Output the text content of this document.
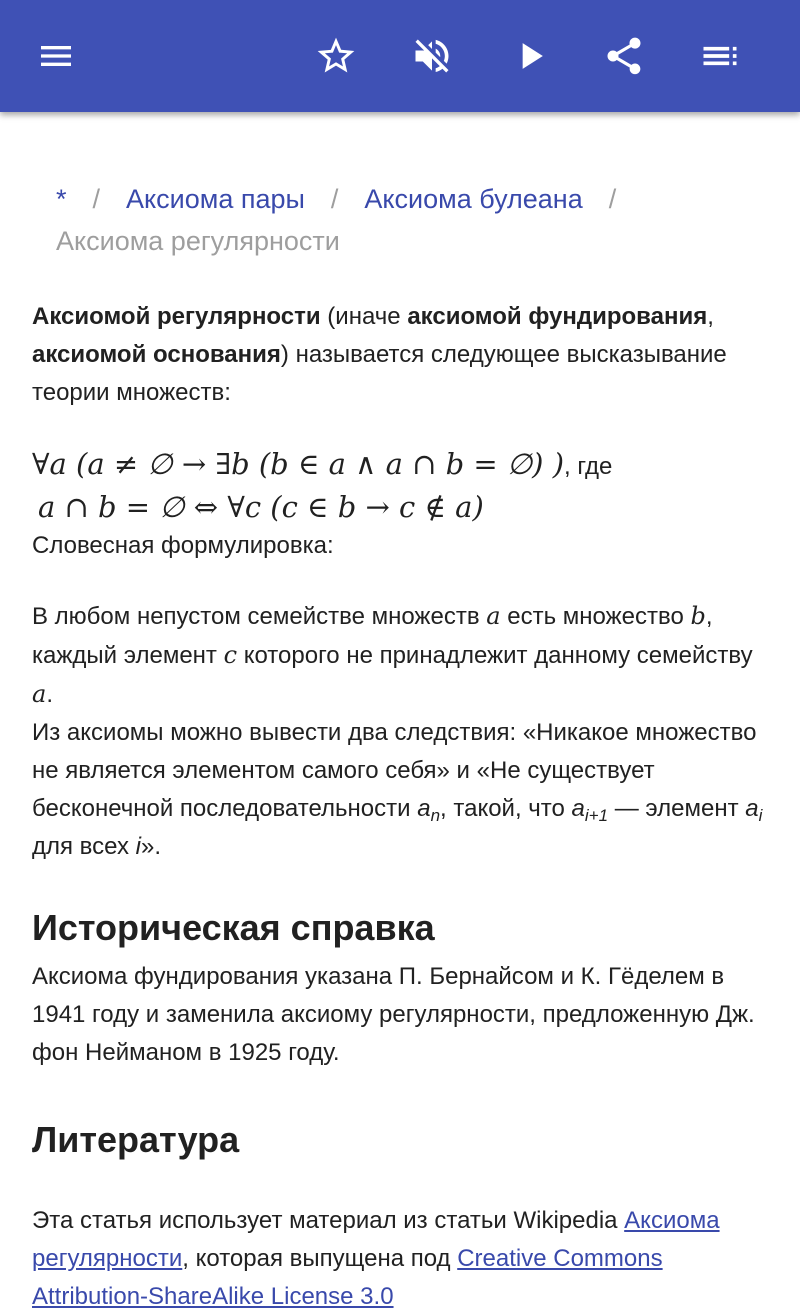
* / Аксиома пары / Аксиома булеана /
Аксиома регулярности

Аксиомой регулярности (иначе аксиомой фундирования, аксиомой основания) называется следующее высказывание теории множеств:

∀a (a ≠ ∅ → ∃b (b ∈ a ∧ a ∩ b = ∅) ), где
a ∩ b = ∅ ⇔ ∀c (c ∈ b → c ∉ a)

Словесная формулировка:

В любом непустом семействе множеств a есть множество b, каждый элемент c которого не принадлежит данному семейству a.

Из аксиомы можно вывести два следствия: «Никакое множество не является элементом самого себя» и «Не существует бесконечной последовательности $a_n$, такой, что $a_{i+1}$ — элемент $a_i$ для всех i».

Историческая справка

Аксиома фундирования указана П. Бернайсом и К. Гёделем в 1941 году и заменила аксиому регулярности, предложенную Дж. фон Нейманом в 1925 году.

Литература

Эта статья использует материал из статьи Wikipedia Аксиома регулярности, которая выпущена под Creative Commons Attribution-ShareAlike License 3.0
